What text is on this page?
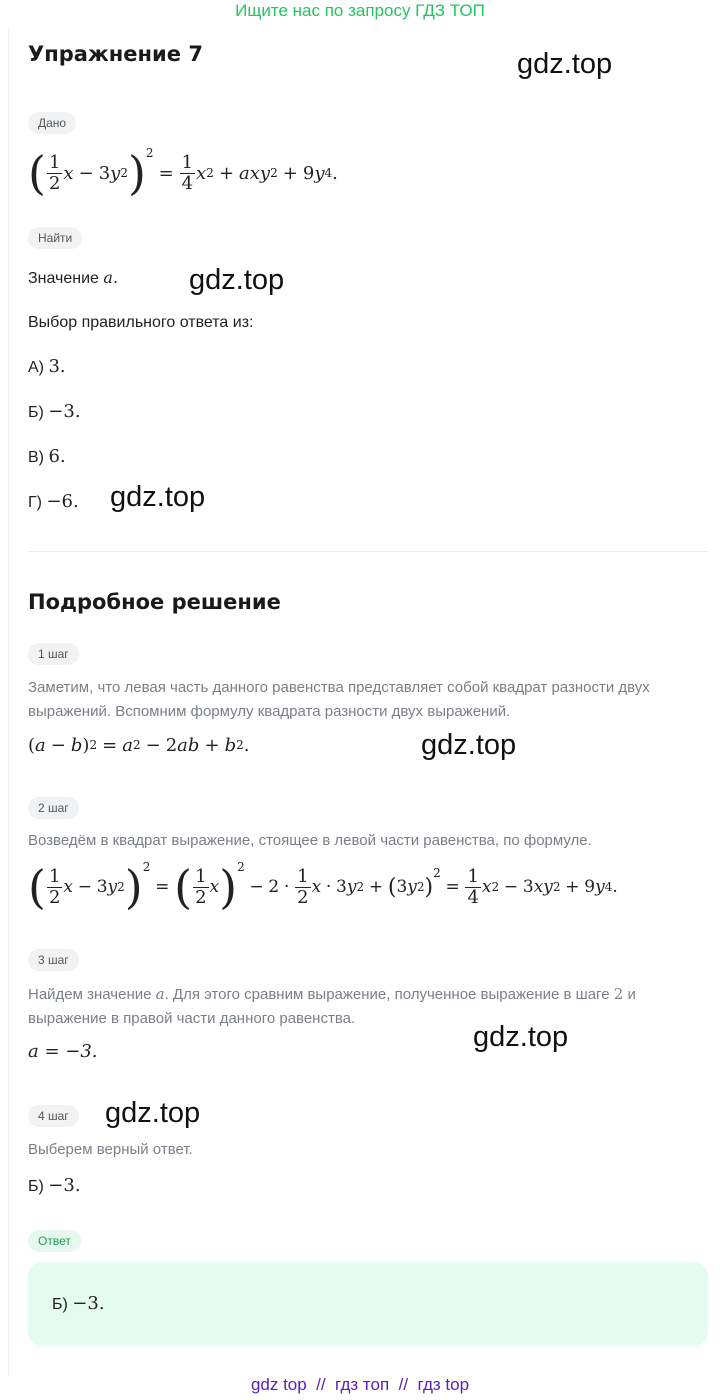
Ищите нас по запросу ГДЗ ТОП
Упражнение 7	gdz.top
gdz.top
gdz.top
gdz.top
gdz.top
gdz.top
Дано
( $\frac{1}{2}$ x
−
3 y 2 )$^2$

=
$\frac{1}{4}$ x 2
+
axy 2
+
9 y 4 .
Найти
Значение a.
Выбор правильного ответа из:
А) 3.
Б) −3.
В) 6.
Г) −6.
Подробное решение
1 шаг
Заметим, что левая часть данного равенства представляет собой квадрат разности двух выражений. Вспомним формулу квадрата разности двух выражений.
( a
−
b ) 2
=
a 2
−
2 ab
+
b 2 .
2 шаг
Возведём в квадрат выражение, стоящее в левой части равенства, по формуле.
( $\frac{1}{2}$ x
−
3 y 2 )$^2$

=
( $\frac{1}{2}$ x )$^2$

−
2
·
$\frac{1}{2}$ x
·
3 y 2
+
( 3 y 2 )
$^2$

=
$\frac{1}{4}$ x 2
−
3 xy 2
+
9 y 4 .
3 шаг
Найдем значение a. Для этого сравним выражение, полученное выражение в шаге 2 и выражение в правой части данного равенства.
a = −3.
4 шаг
Выберем верный ответ.
Б) −3.
Ответ
Б) −3.
gdz top  //  гдз топ  //  гдз top
